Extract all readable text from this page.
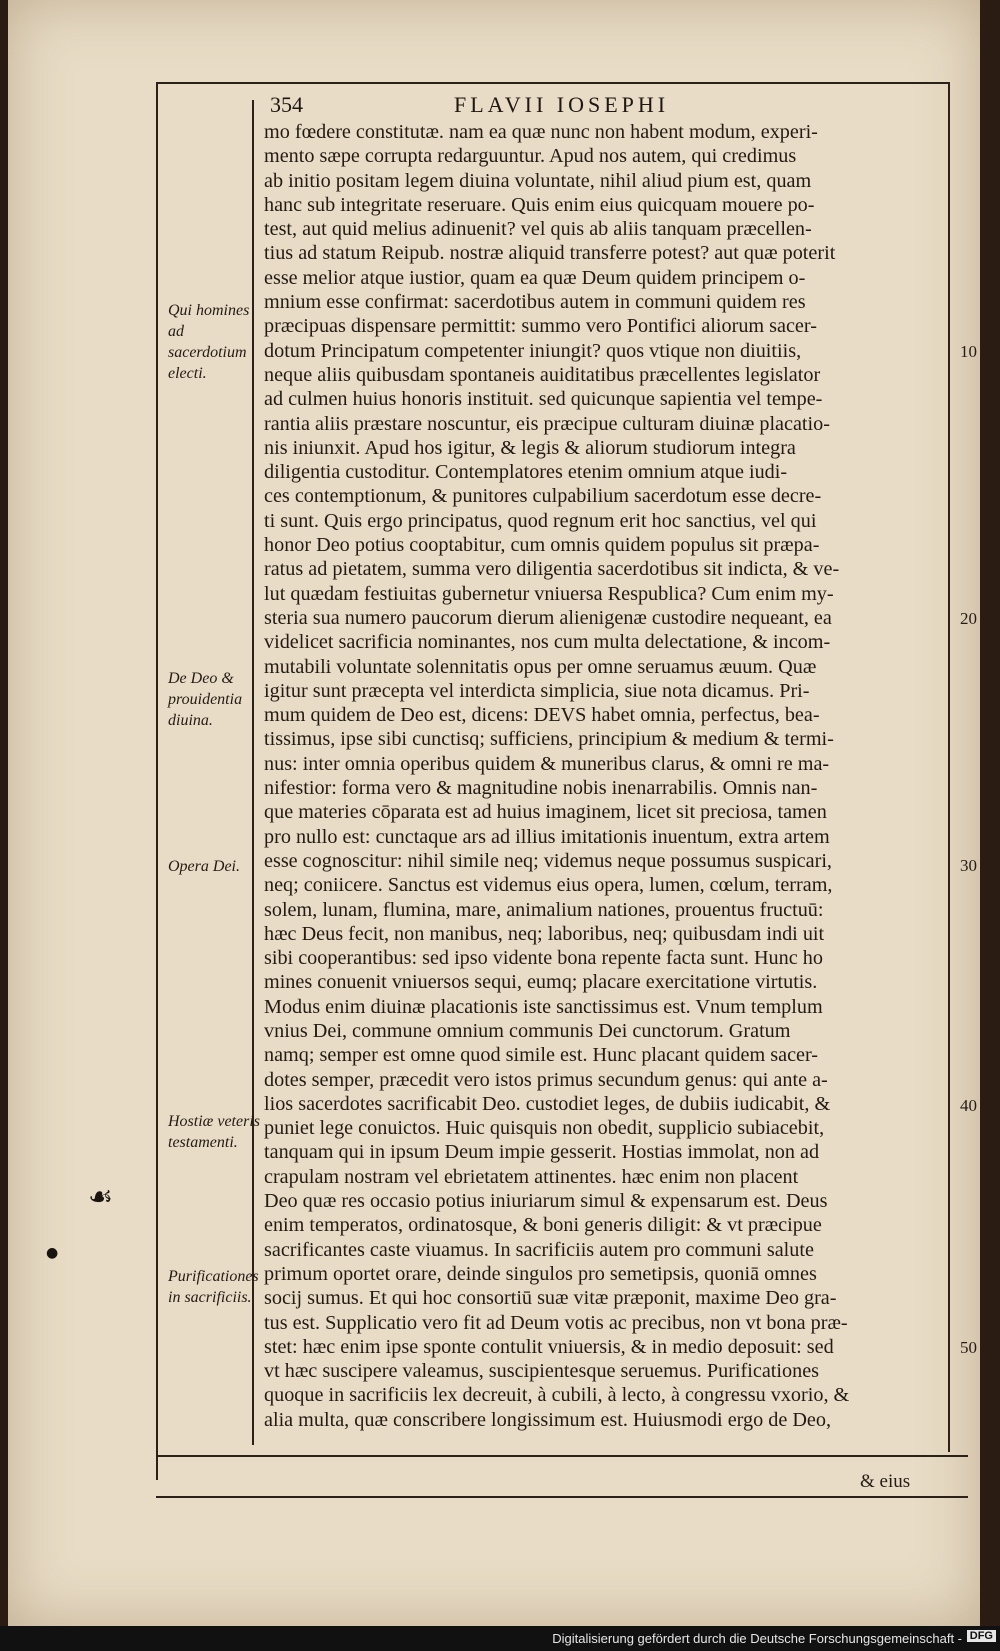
354	FLAVII IOSEPHI
mo fœdere constitutæ. nam ea quæ nunc non habent modum, experi-
mento sæpe corrupta redarguuntur. Apud nos autem, qui credimus
ab initio positam legem diuina voluntate, nihil aliud pium est, quam
hanc sub integritate reseruare. Quis enim eius quicquam mouere po-
test, aut quid melius adinuenit? vel quis ab aliis tanquam præcellen-
tius ad statum Reipub. nostræ aliquid transferre potest? aut quæ poterit
esse melior atque iustior, quam ea quæ Deum quidem principem o-
mnium esse confirmat: sacerdotibus autem in communi quidem res
præcipuas dispensare permittit: summo vero Pontifici aliorum sacer-
dotum Principatum competenter iniungit? quos vtique non diuitiis,
neque aliis quibusdam spontaneis auiditatibus præcellentes legislator
ad culmen huius honoris instituit. sed quicunque sapientia vel tempe-
rantia aliis præstare noscuntur, eis præcipue culturam diuinæ placatio-
nis iniunxit. Apud hos igitur, & legis & aliorum studiorum integra
diligentia custoditur. Contemplatores etenim omnium atque iudi-
ces contemptionum, & punitores culpabilium sacerdotum esse decre-
ti sunt. Quis ergo principatus, quod regnum erit hoc sanctius, vel qui
honor Deo potius cooptabitur, cum omnis quidem populus sit præpa-
ratus ad pietatem, summa vero diligentia sacerdotibus sit indicta, & ve-
lut quædam festiuitas gubernetur vniuersa Respublica? Cum enim my-
steria sua numero paucorum dierum alienigenæ custodire nequeant, ea
videlicet sacrificia nominantes, nos cum multa delectatione, & incom-
mutabili voluntate solennitatis opus per omne seruamus æuum. Quæ
igitur sunt præcepta vel interdicta simplicia, siue nota dicamus. Pri-
mum quidem de Deo est, dicens: DEVS habet omnia, perfectus, bea-
tissimus, ipse sibi cunctisq; sufficiens, principium & medium & termi-
nus: inter omnia operibus quidem & muneribus clarus, & omni re ma-
nifestior: forma vero & magnitudine nobis inenarrabilis. Omnis nan-
que materies cōparata est ad huius imaginem, licet sit preciosa, tamen
pro nullo est: cunctaque ars ad illius imitationis inuentum, extra artem
esse cognoscitur: nihil simile neq; videmus neque possumus suspicari,
neq; coniicere. Sanctus est videmus eius opera, lumen, cœlum, terram,
solem, lunam, flumina, mare, animalium nationes, prouentus fructuū:
hæc Deus fecit, non manibus, neq; laboribus, neq; quibusdam indi uit
sibi cooperantibus: sed ipso vidente bona repente facta sunt. Hunc ho
mines conuenit vniuersos sequi, eumq; placare exercitatione virtutis.
Modus enim diuinæ placationis iste sanctissimus est. Vnum templum
vnius Dei, commune omnium communis Dei cunctorum. Gratum
namq; semper est omne quod simile est. Hunc placant quidem sacer-
dotes semper, præcedit vero istos primus secundum genus: qui ante a-
lios sacerdotes sacrificabit Deo. custodiet leges, de dubiis iudicabit, &
puniet lege conuictos. Huic quisquis non obedit, supplicio subiacebit,
tanquam qui in ipsum Deum impie gesserit. Hostias immolat, non ad
crapulam nostram vel ebrietatem attinentes. hæc enim non placent
Deo quæ res occasio potius iniuriarum simul & expensarum est. Deus
enim temperatos, ordinatosque, & boni generis diligit: & vt præcipue
sacrificantes caste viuamus. In sacrificiis autem pro communi salute
primum oportet orare, deinde singulos pro semetipsis, quoniā omnes
socij sumus. Et qui hoc consortiū suæ vitæ præponit, maxime Deo gra-
tus est. Supplicatio vero fit ad Deum votis ac precibus, non vt bona præ-
stet: hæc enim ipse sponte contulit vniuersis, & in medio deposuit: sed
vt hæc suscipere valeamus, suscipientesque seruemus. Purificationes
quoque in sacrificiis lex decreuit, à cubili, à lecto, à congressu vxorio, &
alia multa, quæ conscribere longissimum est. Huiusmodi ergo de Deo,
Qui homines ad sacerdotium electi.
De Deo & prouidentia diuina.
Opera Dei.
Hostiæ veteris testamenti.
Purificationes in sacrificiis.
10
20
30
40
50
& eius
☙
●
Digitalisierung gefördert durch die Deutsche Forschungsgemeinschaft - DFG
